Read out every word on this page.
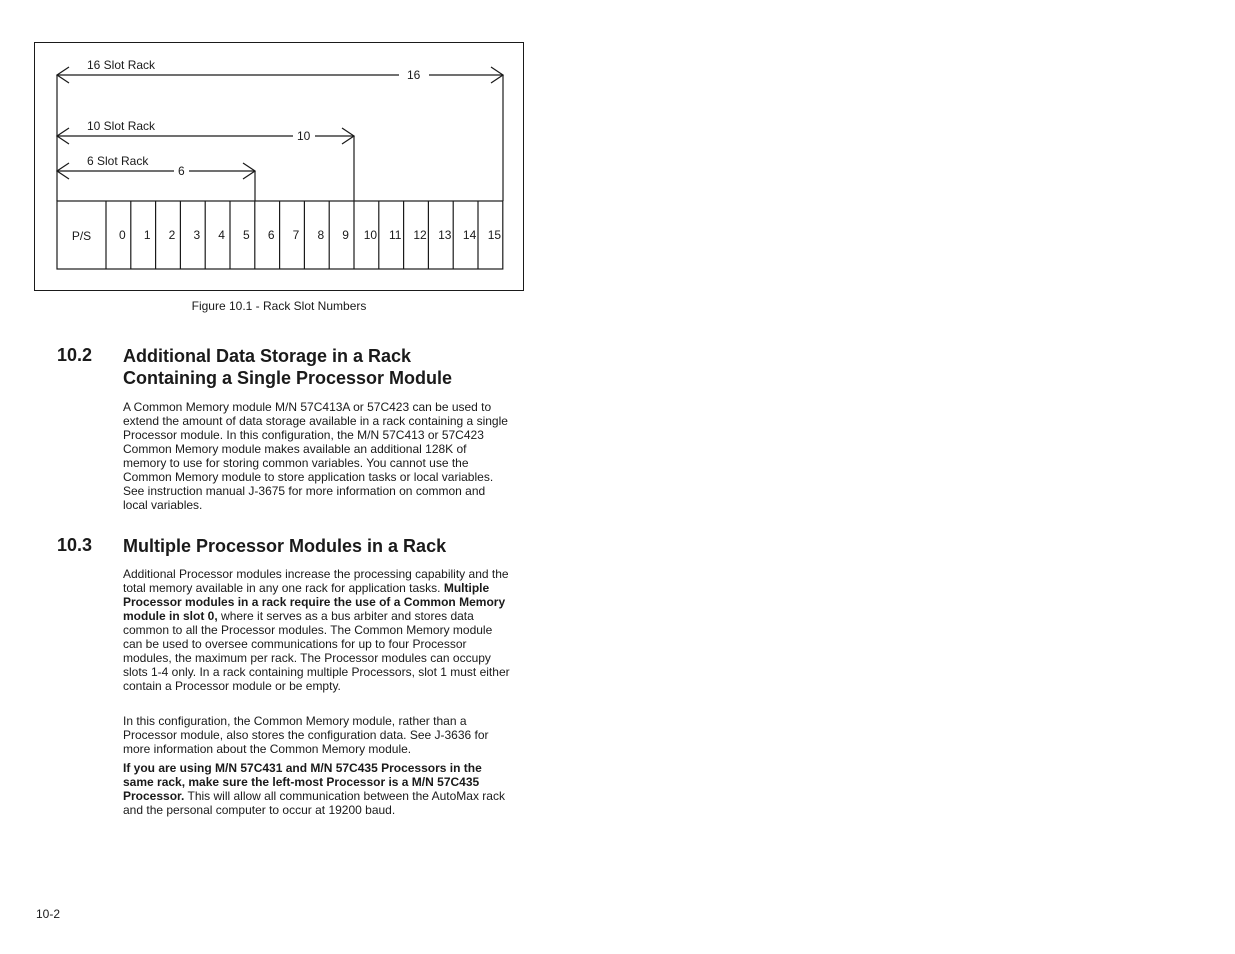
16 Slot Rack
16
10 Slot Rack
10
6 Slot Rack
6
P/S 0 1 2 3 4 5 6 7 8 9 10 11 12 13 14 15
Figure 10.1 - Rack Slot Numbers
10.2 Additional Data Storage in a Rack
Containing a Single Processor Module

A Common Memory module M/N 57C413A or 57C423 can be used to extend the amount of data storage available in a rack containing a single Processor module. In this configuration, the M/N 57C413 or 57C423 Common Memory module makes available an additional 128K of memory to use for storing common variables. You cannot use the Common Memory module to store application tasks or local variables. See instruction manual J-3675 for more information on common and local variables.

10.3 Multiple Processor Modules in a Rack

Additional Processor modules increase the processing capability and the total memory available in any one rack for application tasks. Multiple Processor modules in a rack require the use of a Common Memory module in slot 0, where it serves as a bus arbiter and stores data common to all the Processor modules. The Common Memory module can be used to oversee communications for up to four Processor modules, the maximum per rack. The Processor modules can occupy slots 1-4 only. In a rack containing multiple Processors, slot 1 must either contain a Processor module or be empty.

In this configuration, the Common Memory module, rather than a Processor module, also stores the configuration data. See J-3636 for more information about the Common Memory module.

If you are using M/N 57C431 and M/N 57C435 Processors in the same rack, make sure the left-most Processor is a M/N 57C435 Processor. This will allow all communication between the AutoMax rack and the personal computer to occur at 19200 baud.

10-2
